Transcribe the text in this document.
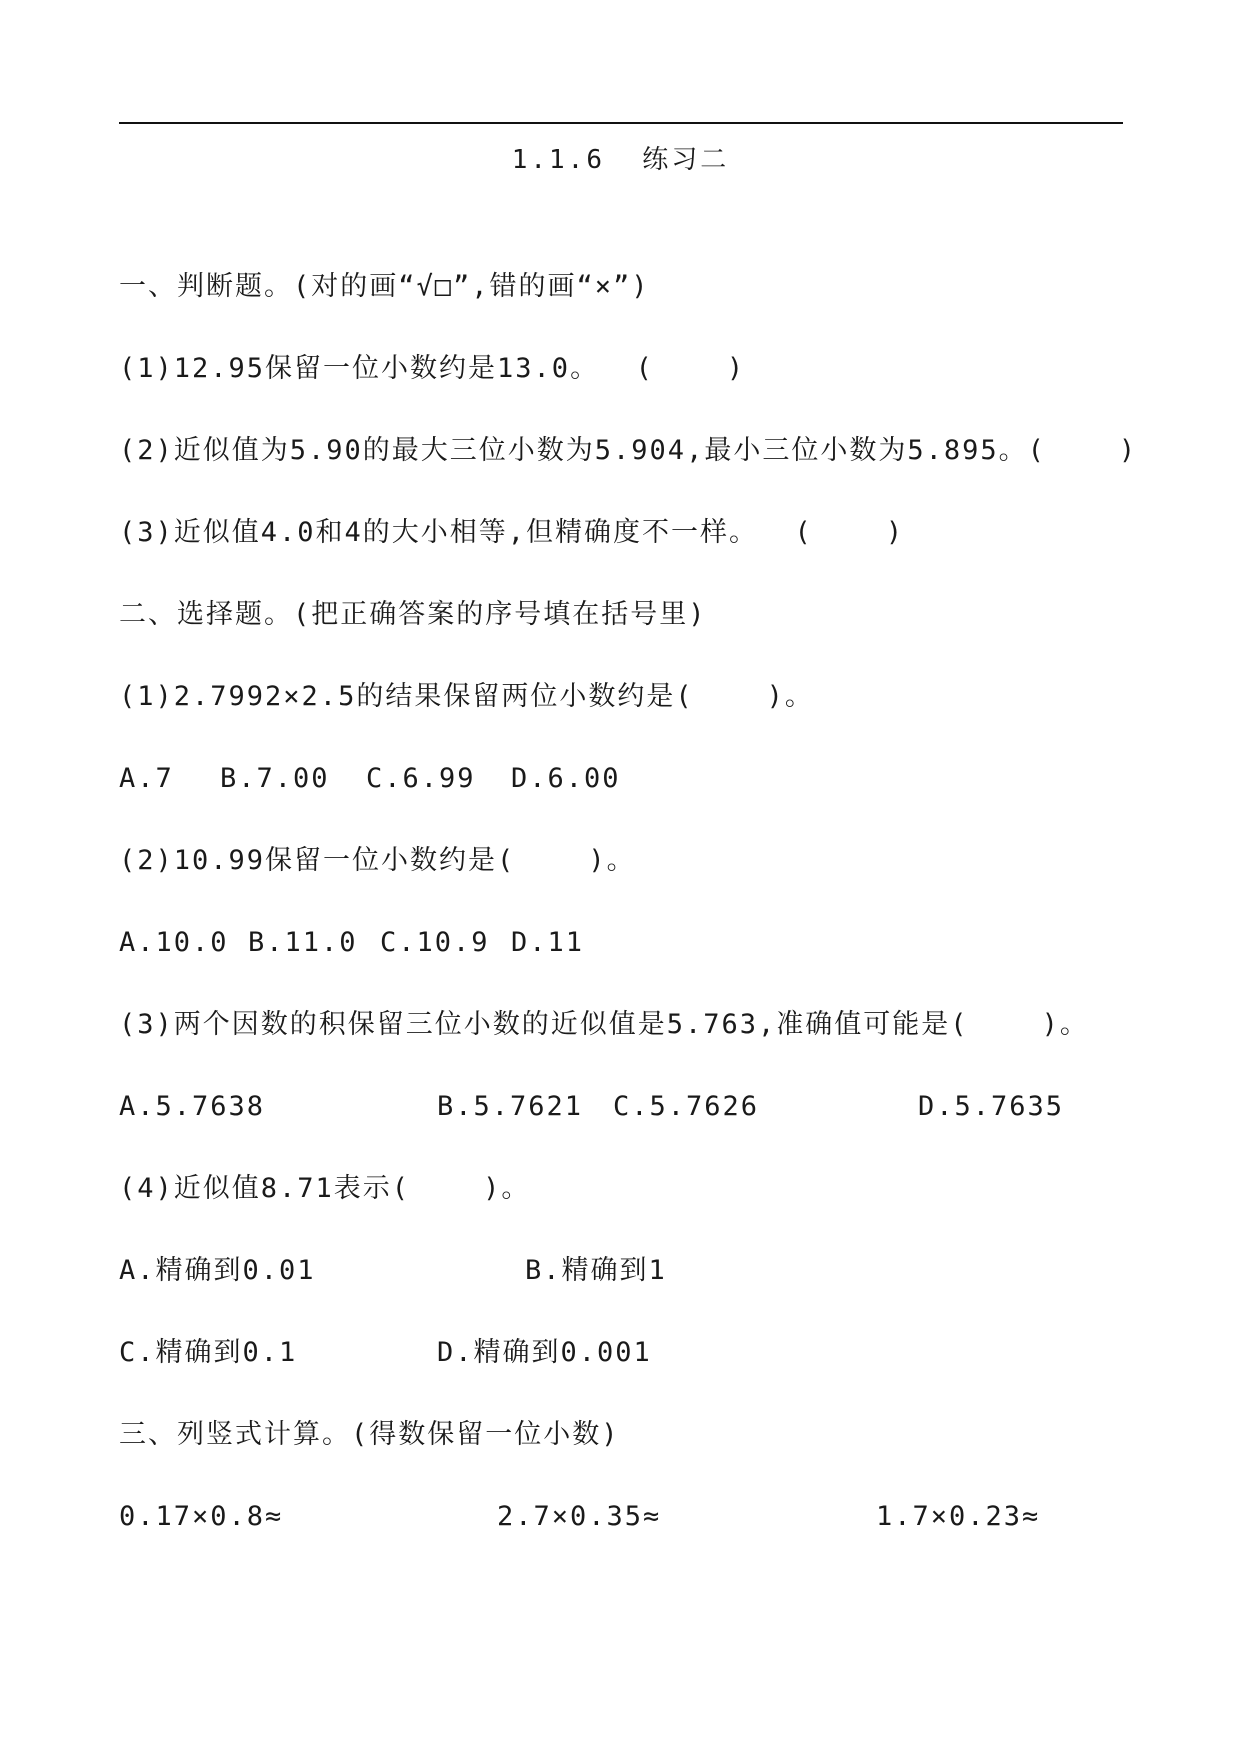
1.1.6  练习二
一、判断题。(对的画“√□”,错的画“×”)
(1)12.95保留一位小数约是13.0。  (    )
(2)近似值为5.90的最大三位小数为5.904,最小三位小数为5.895。(    )
(3)近似值4.0和4的大小相等,但精确度不一样。  (    )
二、选择题。(把正确答案的序号填在括号里)
(1)2.7992×2.5的结果保留两位小数约是(    )。
A.7 B.7.00 C.6.99 D.6.00
(2)10.99保留一位小数约是(    )。
A.10.0 B.11.0 C.10.9 D.11
(3)两个因数的积保留三位小数的近似值是5.763,准确值可能是(    )。
A.5.7638	B.5.7621 C.5.7626	D.5.7635
(4)近似值8.71表示(    )。
A.精确到0.01	B.精确到1
C.精确到0.1	D.精确到0.001
三、列竖式计算。(得数保留一位小数)
0.17×0.8≈	2.7×0.35≈	1.7×0.23≈
